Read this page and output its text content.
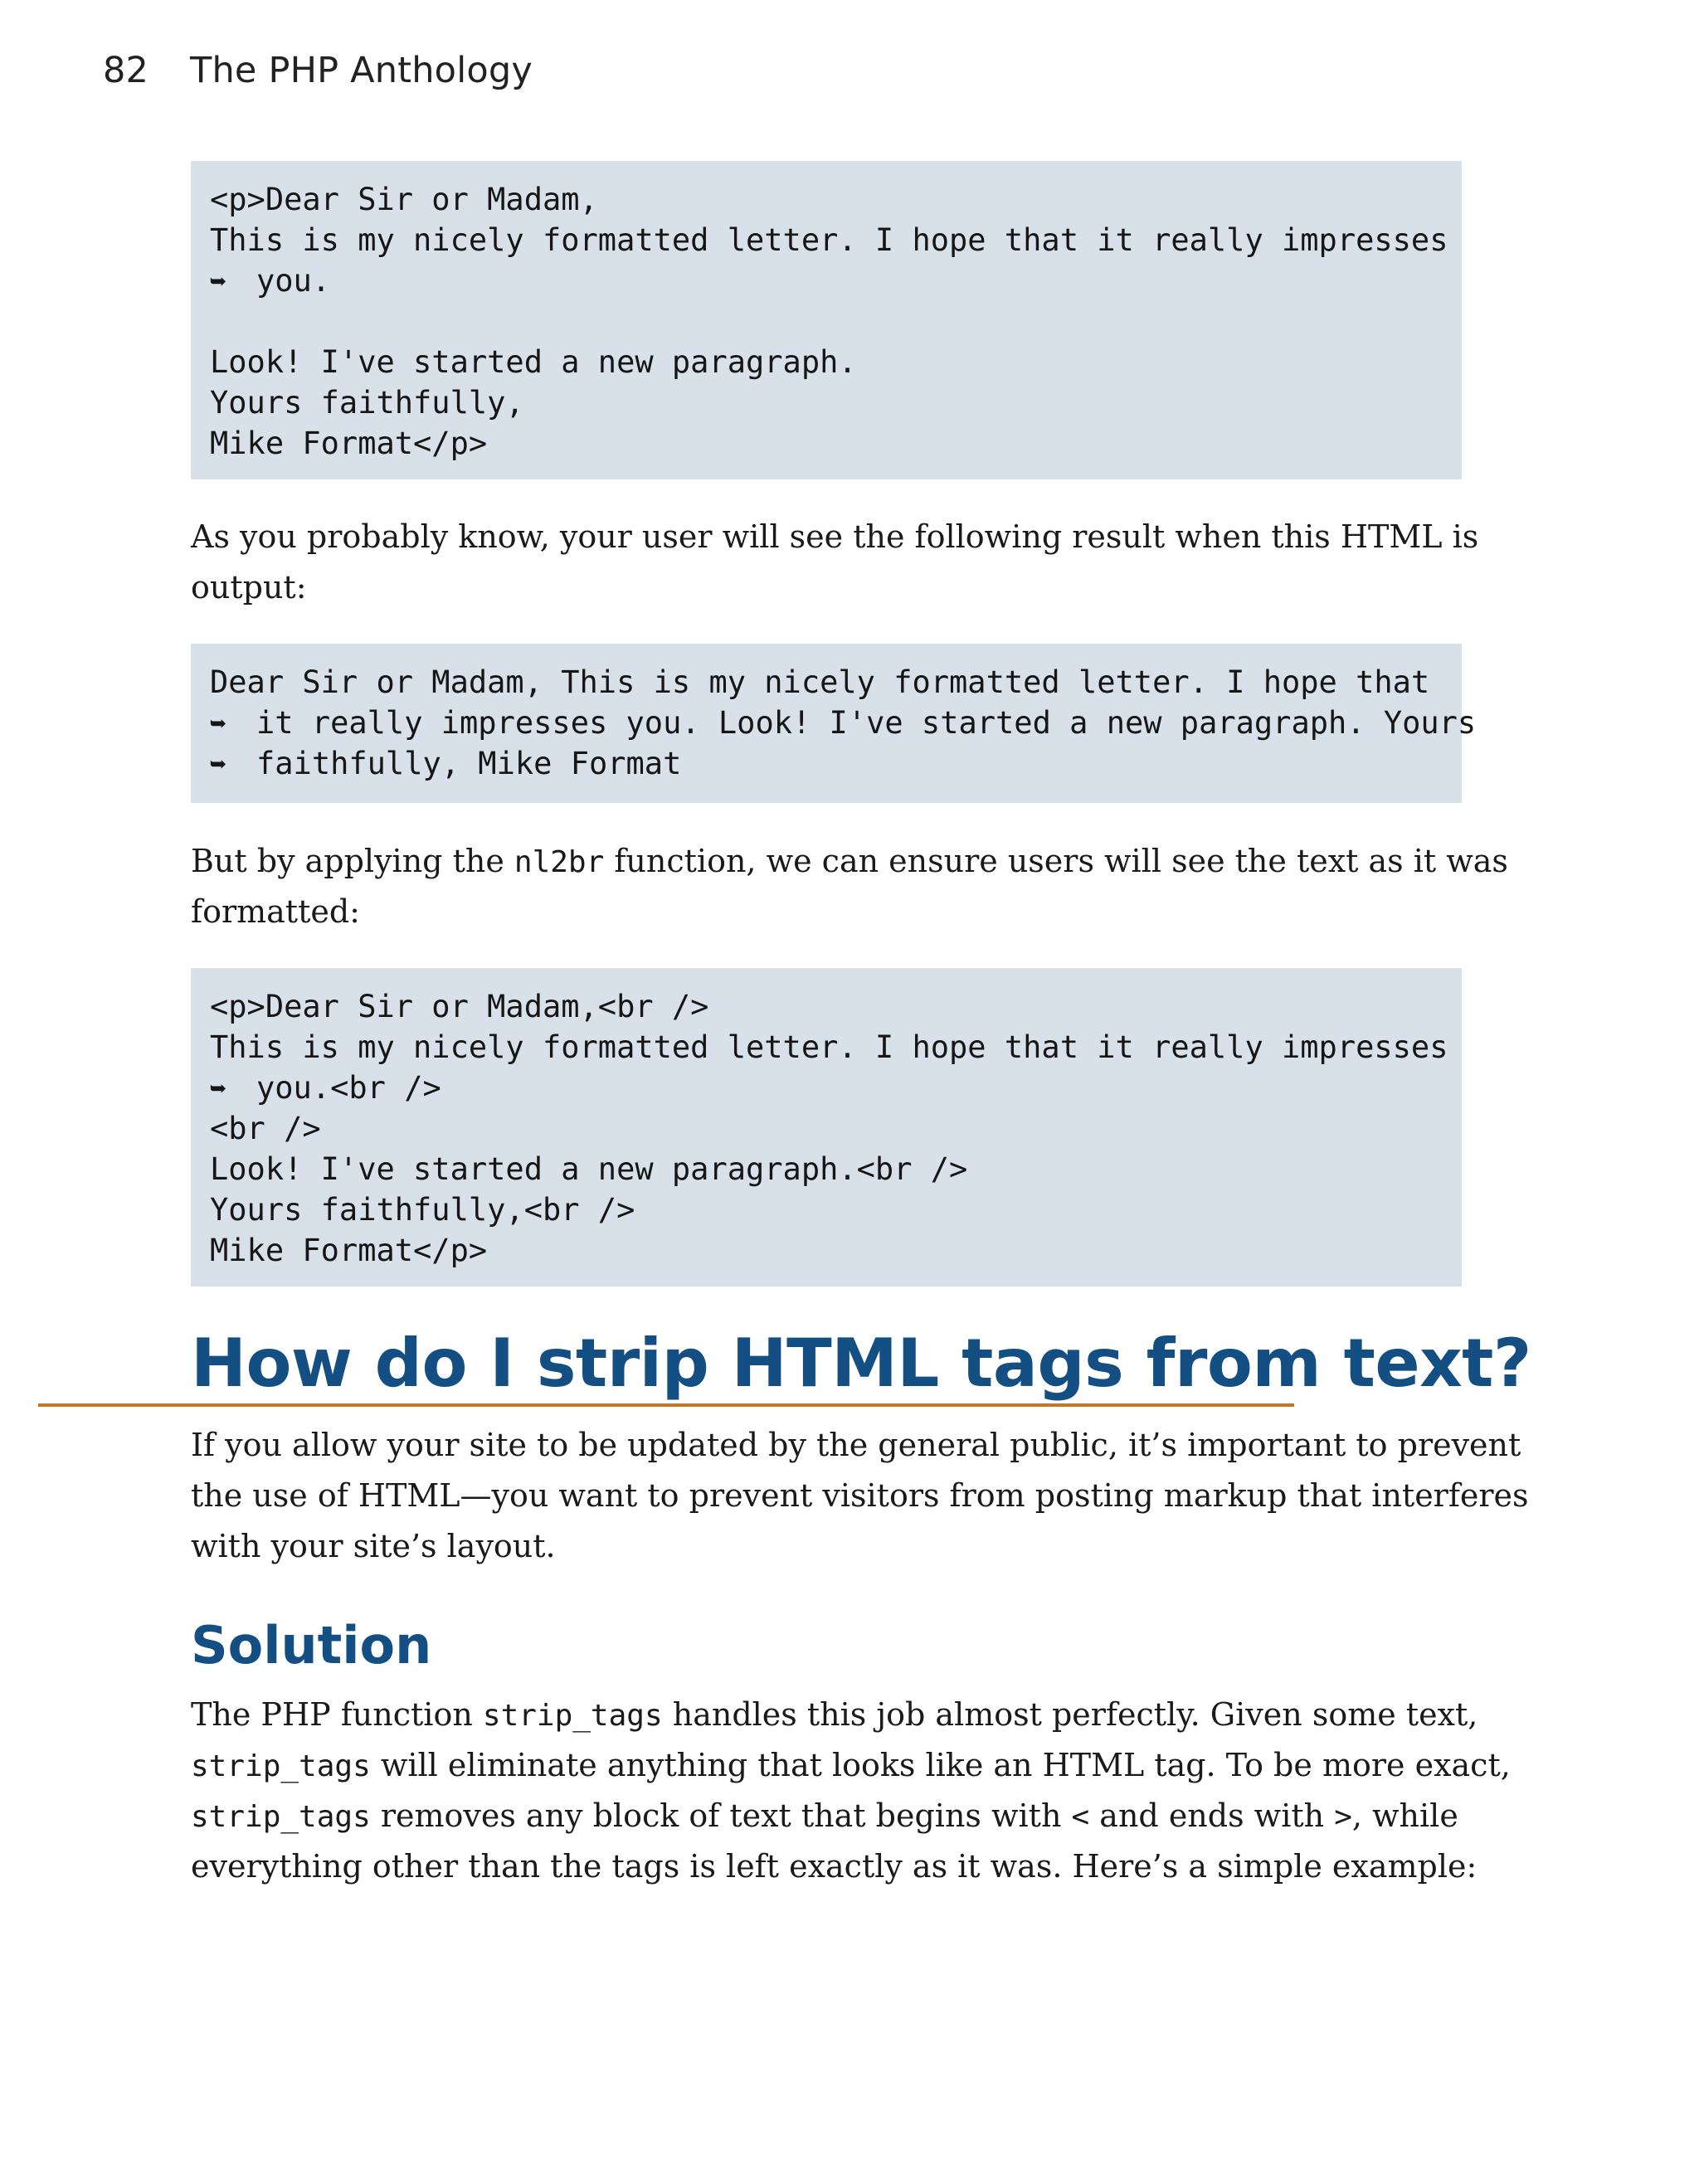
82 The PHP Anthology
<p>Dear Sir or Madam,
This is my nicely formatted letter. I hope that it really impresses
➥ you.
Look! I've started a new paragraph.
Yours faithfully,
Mike Format</p>
As you probably know, your user will see the following result when this HTML is
output:
Dear Sir or Madam, This is my nicely formatted letter. I hope that
➥ it really impresses you. Look! I've started a new paragraph. Yours
➥ faithfully, Mike Format
But by applying the nl2br function, we can ensure users will see the text as it was
formatted:
<p>Dear Sir or Madam,<br />
This is my nicely formatted letter. I hope that it really impresses
➥ you.<br />
<br />
Look! I've started a new paragraph.<br />
Yours faithfully,<br />
Mike Format</p>
How do I strip HTML tags from text?
If you allow your site to be updated by the general public, it’s important to prevent
the use of HTML—you want to prevent visitors from posting markup that interferes
with your site’s layout.
Solution
The PHP function strip_tags handles this job almost perfectly. Given some text,
strip_tags will eliminate anything that looks like an HTML tag. To be more exact,
strip_tags removes any block of text that begins with < and ends with >, while
everything other than the tags is left exactly as it was. Here’s a simple example:
